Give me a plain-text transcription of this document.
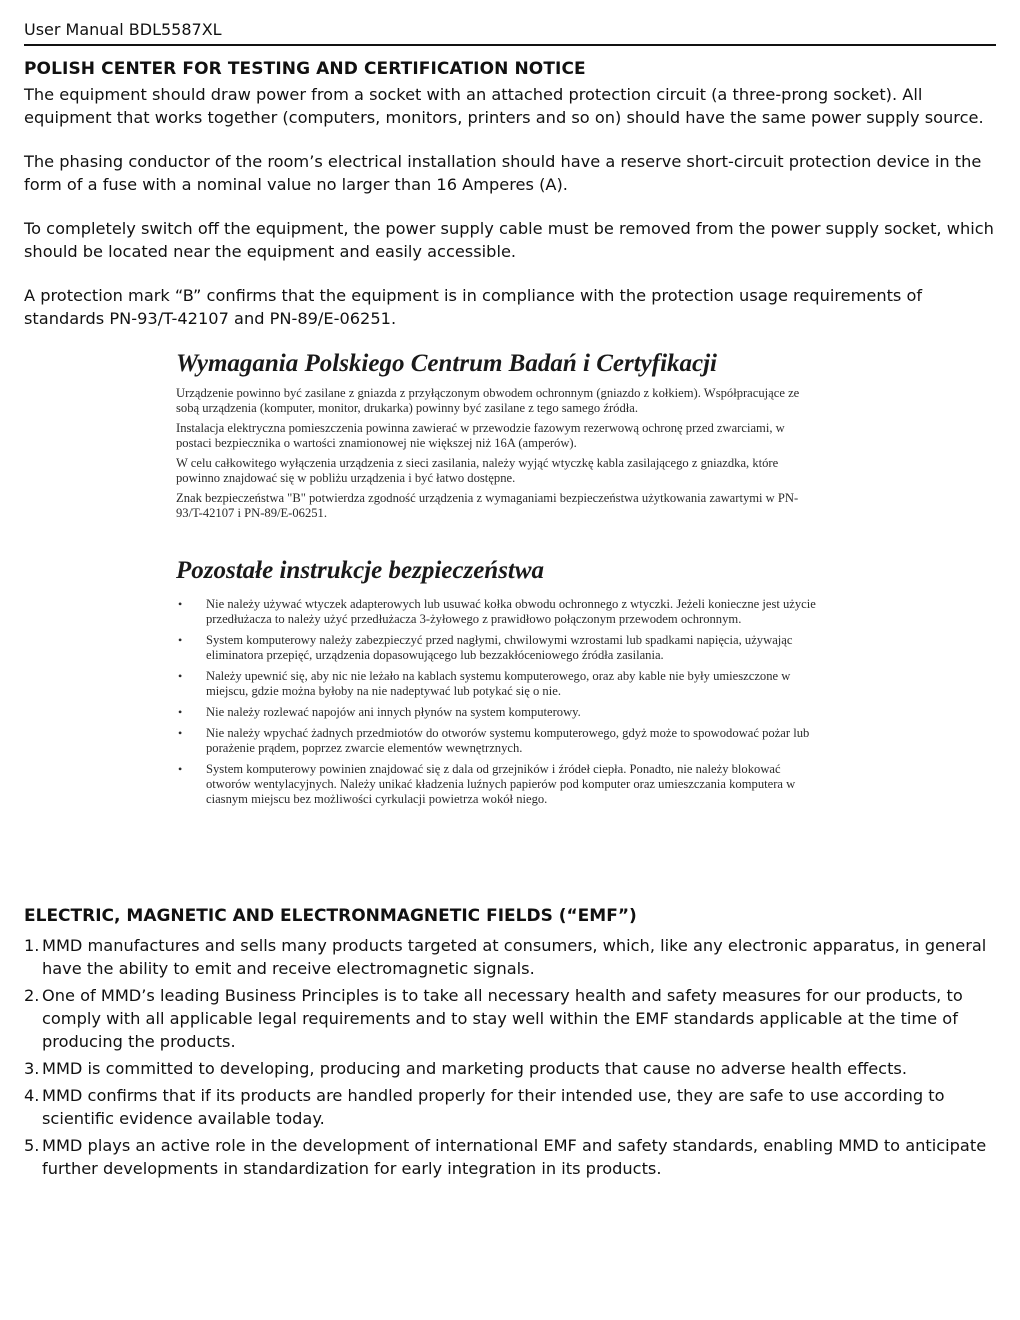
User Manual BDL5587XL
POLISH CENTER FOR TESTING AND CERTIFICATION NOTICE

The equipment should draw power from a socket with an attached protection circuit (a three-prong socket). All equipment that works together (computers, monitors, printers and so on) should have the same power supply source.

The phasing conductor of the room’s electrical installation should have a reserve short-circuit protection device in the form of a fuse with a nominal value no larger than 16 Amperes (A).

To completely switch off the equipment, the power supply cable must be removed from the power supply socket, which should be located near the equipment and easily accessible.

A protection mark “B” confirms that the equipment is in compliance with the protection usage requirements of standards PN-93/T-42107 and PN-89/E-06251.

Wymagania Polskiego Centrum Badań i Certyfikacji

Urządzenie powinno być zasilane z gniazda z przyłączonym obwodem ochronnym (gniazdo z kołkiem). Współpracujące ze sobą urządzenia (komputer, monitor, drukarka) powinny być zasilane z tego samego źródła.

Instalacja elektryczna pomieszczenia powinna zawierać w przewodzie fazowym rezerwową ochronę przed zwarciami, w postaci bezpiecznika o wartości znamionowej nie większej niż 16A (amperów).

W celu całkowitego wyłączenia urządzenia z sieci zasilania, należy wyjąć wtyczkę kabla zasilającego z gniazdka, które powinno znajdować się w pobliżu urządzenia i być łatwo dostępne.

Znak bezpieczeństwa "B" potwierdza zgodność urządzenia z wymaganiami bezpieczeństwa użytkowania zawartymi w PN-93/T-42107 i PN-89/E-06251.

Pozostałe instrukcje bezpieczeństwa
• Nie należy używać wtyczek adapterowych lub usuwać kołka obwodu ochronnego z wtyczki. Jeżeli konieczne jest użycie przedłużacza to należy użyć przedłużacza 3-żyłowego z prawidłowo połączonym przewodem ochronnym.
• System komputerowy należy zabezpieczyć przed nagłymi, chwilowymi wzrostami lub spadkami napięcia, używając eliminatora przepięć, urządzenia dopasowującego lub bezzakłóceniowego źródła zasilania.
• Należy upewnić się, aby nic nie leżało na kablach systemu komputerowego, oraz aby kable nie były umieszczone w miejscu, gdzie można byłoby na nie nadeptywać lub potykać się o nie.
• Nie należy rozlewać napojów ani innych płynów na system komputerowy.
• Nie należy wpychać żadnych przedmiotów do otworów systemu komputerowego, gdyż może to spowodować pożar lub porażenie prądem, poprzez zwarcie elementów wewnętrznych.
• System komputerowy powinien znajdować się z dala od grzejników i źródeł ciepła. Ponadto, nie należy blokować otworów wentylacyjnych. Należy unikać kładzenia luźnych papierów pod komputer oraz umieszczania komputera w ciasnym miejscu bez możliwości cyrkulacji powietrza wokół niego.
ELECTRIC, MAGNETIC AND ELECTRONMAGNETIC FIELDS (“EMF”)
1. MMD manufactures and sells many products targeted at consumers, which, like any electronic apparatus, in general have the ability to emit and receive electromagnetic signals.
2. One of MMD’s leading Business Principles is to take all necessary health and safety measures for our products, to comply with all applicable legal requirements and to stay well within the EMF standards applicable at the time of producing the products.
3. MMD is committed to developing, producing and marketing products that cause no adverse health effects.
4. MMD confirms that if its products are handled properly for their intended use, they are safe to use according to scientific evidence available today.
5. MMD plays an active role in the development of international EMF and safety standards, enabling MMD to anticipate further developments in standardization for early integration in its products.
